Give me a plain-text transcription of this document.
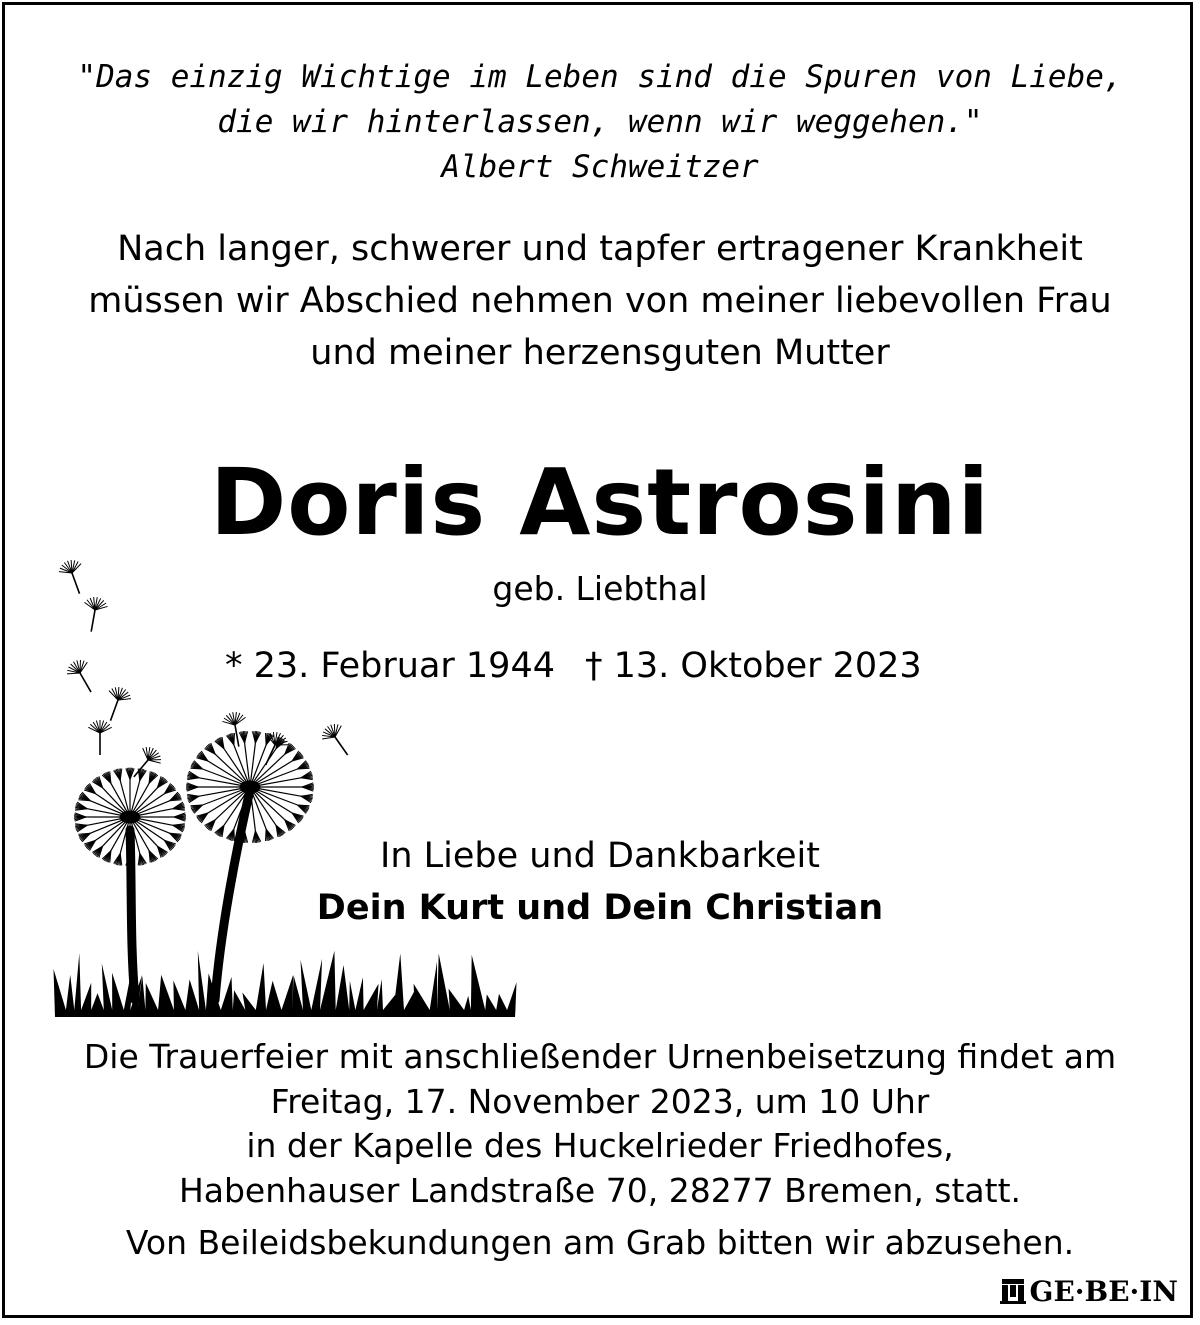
"Das einzig Wichtige im Leben sind die Spuren von Liebe,
die wir hinterlassen, wenn wir weggehen."
Albert Schweitzer
Nach langer, schwerer und tapfer ertragener Krankheit
müssen wir Abschied nehmen von meiner liebevollen Frau
und meiner herzensguten Mutter
Doris Astrosini
geb. Liebthal
* 23. Februar 1944 † 13. Oktober 2023
In Liebe und Dankbarkeit
Dein Kurt und Dein Christian
Die Trauerfeier mit anschließender Urnenbeisetzung findet am
Freitag, 17. November 2023, um 10 Uhr
in der Kapelle des Huckelrieder Friedhofes,
Habenhauser Landstraße 70, 28277 Bremen, statt.
Von Beileidsbekundungen am Grab bitten wir abzusehen.
GE·BE·IN
